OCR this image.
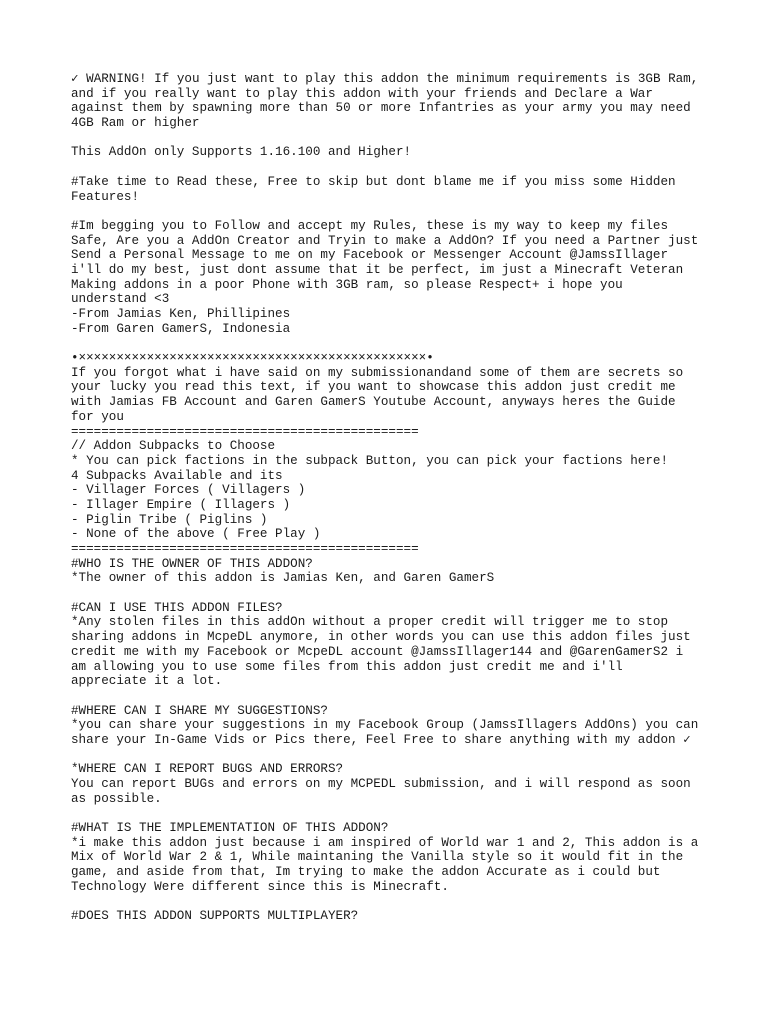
✓ WARNING! If you just want to play this addon the minimum requirements is 3GB Ram,
and if you really want to play this addon with your friends and Declare a War
against them by spawning more than 50 or more Infantries as your army you may need
4GB Ram or higher
This AddOn only Supports 1.16.100 and Higher!
#Take time to Read these, Free to skip but dont blame me if you miss some Hidden
Features!
#Im begging you to Follow and accept my Rules, these is my way to keep my files
Safe, Are you a AddOn Creator and Tryin to make a AddOn? If you need a Partner just
Send a Personal Message to me on my Facebook or Messenger Account @JamssIllager
i'll do my best, just dont assume that it be perfect, im just a Minecraft Veteran
Making addons in a poor Phone with 3GB ram, so please Respect+ i hope you
understand <3
-From Jamias Ken, Phillipines
-From Garen GamerS, Indonesia
•××××××××××××××××××××××××××××××××××××××××××××××•
If you forgot what i have said on my submissionandand some of them are secrets so
your lucky you read this text, if you want to showcase this addon just credit me
with Jamias FB Account and Garen GamerS Youtube Account, anyways heres the Guide
for you
==============================================
// Addon Subpacks to Choose
* You can pick factions in the subpack Button, you can pick your factions here!
4 Subpacks Available and its
- Villager Forces ( Villagers )
- Illager Empire ( Illagers )
- Piglin Tribe ( Piglins )
- None of the above ( Free Play )
==============================================
#WHO IS THE OWNER OF THIS ADDON?
*The owner of this addon is Jamias Ken, and Garen GamerS
#CAN I USE THIS ADDON FILES?
*Any stolen files in this addOn without a proper credit will trigger me to stop
sharing addons in McpeDL anymore, in other words you can use this addon files just
credit me with my Facebook or McpeDL account @JamssIllager144 and @GarenGamerS2 i
am allowing you to use some files from this addon just credit me and i'll
appreciate it a lot.
#WHERE CAN I SHARE MY SUGGESTIONS?
*you can share your suggestions in my Facebook Group (JamssIllagers AddOns) you can
share your In-Game Vids or Pics there, Feel Free to share anything with my addon ✓
*WHERE CAN I REPORT BUGS AND ERRORS?
You can report BUGs and errors on my MCPEDL submission, and i will respond as soon
as possible.
#WHAT IS THE IMPLEMENTATION OF THIS ADDON?
*i make this addon just because i am inspired of World war 1 and 2, This addon is a
Mix of World War 2 & 1, While maintaning the Vanilla style so it would fit in the
game, and aside from that, Im trying to make the addon Accurate as i could but
Technology Were different since this is Minecraft.
#DOES THIS ADDON SUPPORTS MULTIPLAYER?
